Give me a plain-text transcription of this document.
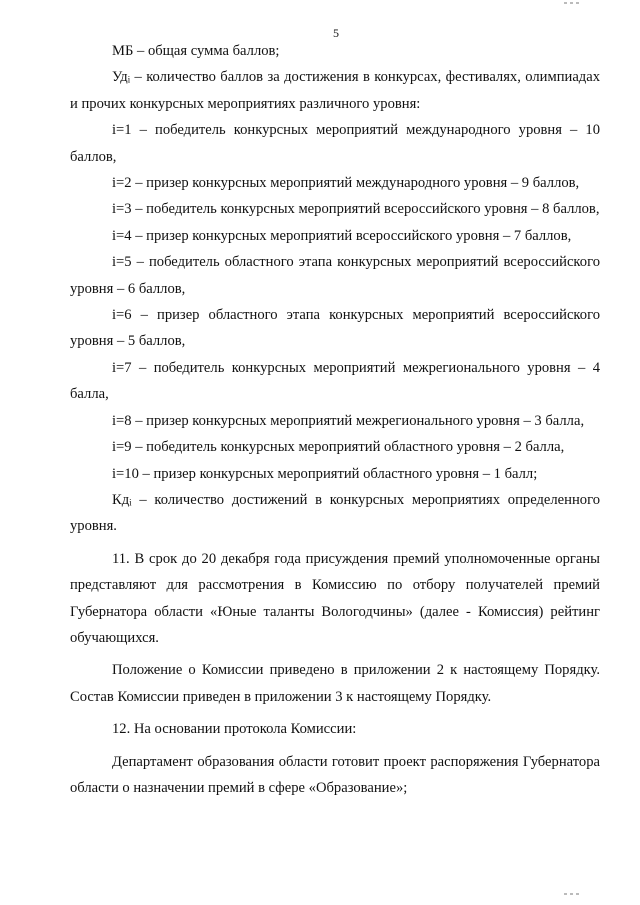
5

МБ – общая сумма баллов;

Удᵢ – количество баллов за достижения в конкурсах, фестивалях, олимпиадах и прочих конкурсных мероприятиях различного уровня:

i=1 – победитель конкурсных мероприятий международного уровня – 10 баллов,

i=2 – призер конкурсных мероприятий международного уровня – 9 баллов,

i=3 – победитель конкурсных мероприятий всероссийского уровня – 8 баллов,

i=4 – призер конкурсных мероприятий всероссийского уровня – 7 баллов,

i=5 – победитель областного этапа конкурсных мероприятий всероссийского уровня – 6 баллов,

i=6 – призер областного этапа конкурсных мероприятий всероссийского уровня – 5 баллов,

i=7 – победитель конкурсных мероприятий межрегионального уровня – 4 балла,

i=8 – призер конкурсных мероприятий межрегионального уровня – 3 балла,

i=9 – победитель конкурсных мероприятий областного уровня – 2 балла,

i=10 – призер конкурсных мероприятий областного уровня – 1 балл;

Кдᵢ – количество достижений в конкурсных мероприятиях определенного уровня.

11. В срок до 20 декабря года присуждения премий уполномоченные органы представляют для рассмотрения в Комиссию по отбору получателей премий Губернатора области «Юные таланты Вологодчины» (далее - Комиссия) рейтинг обучающихся.

Положение о Комиссии приведено в приложении 2 к настоящему Порядку. Состав Комиссии приведен в приложении 3 к настоящему Порядку.

12. На основании протокола Комиссии:

Департамент образования области готовит проект распоряжения Губернатора области о назначении премий в сфере «Образование»;
